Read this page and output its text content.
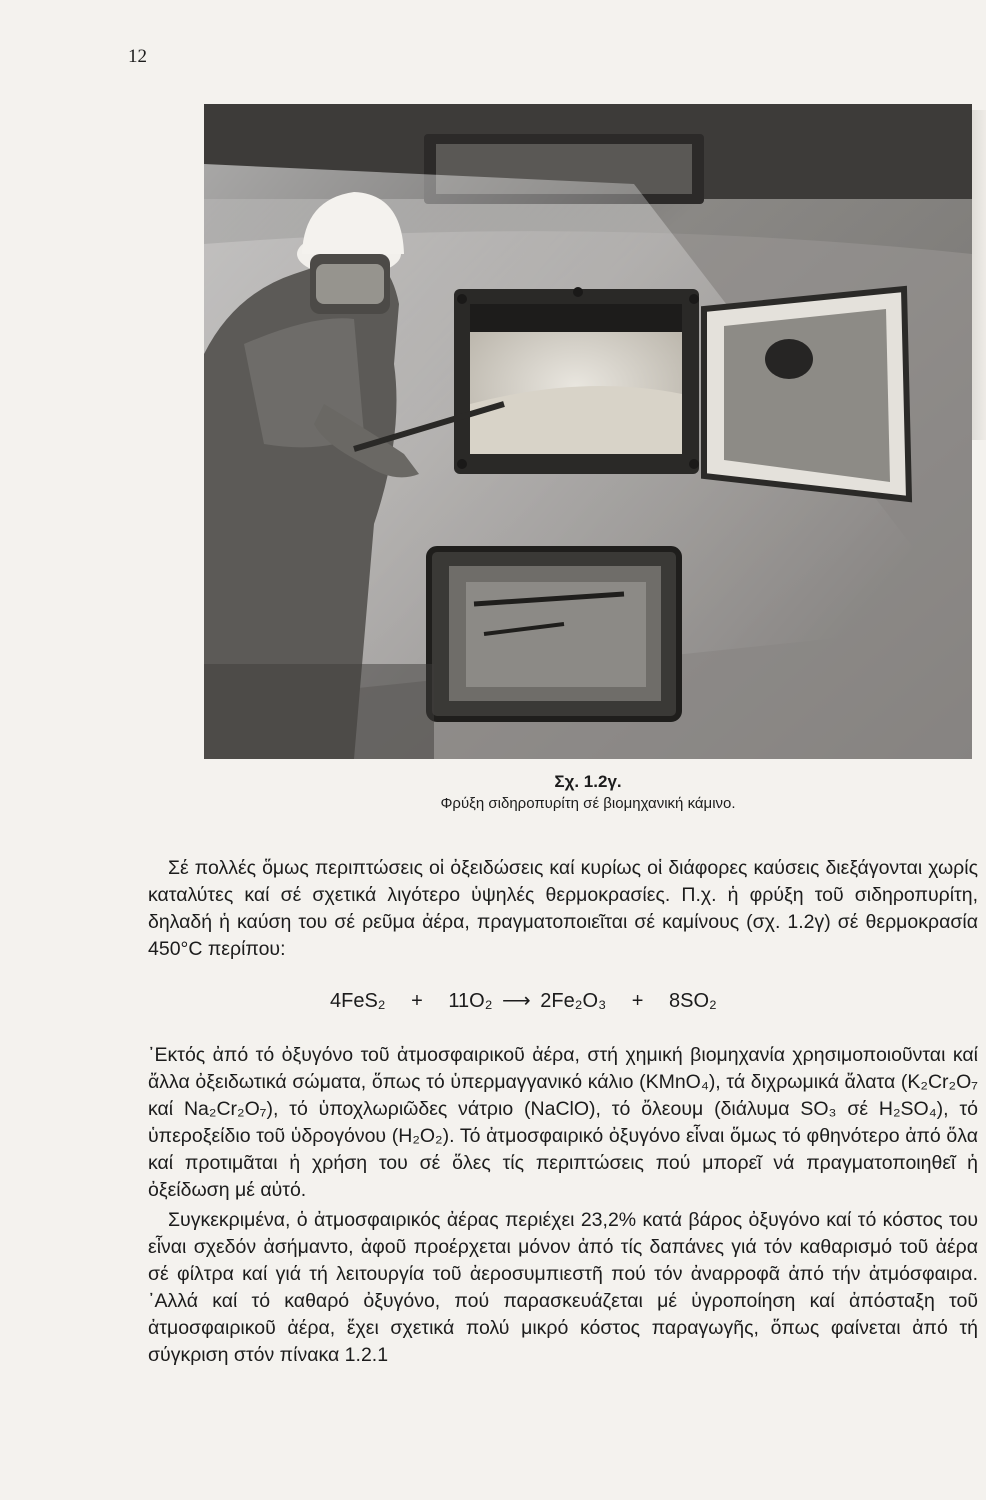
12
Σχ. 1.2γ.
Φρύξη σιδηροπυρίτη σέ βιομηχανική κάμινο.
Σέ πολλές ὅμως περιπτώσεις οἱ ὀξειδώσεις καί κυρίως οἱ διάφορες καύσεις διεξάγονται χωρίς καταλύτες καί σέ σχετικά λιγότερο ὑψηλές θερμοκρασίες. Π.χ. ἡ φρύξη τοῦ σιδηροπυρίτη, δηλαδή ἡ καύση του σέ ρεῦμα ἀέρα, πραγματοποιεῖται σέ καμίνους (σχ. 1.2γ) σέ θερμοκρασία 450°C περίπου:
4FeS₂ + 11O₂ ⟶ 2Fe₂O₃ + 8SO₂
᾿Εκτός ἀπό τό ὀξυγόνο τοῦ ἀτμοσφαιρικοῦ ἀέρα, στή χημική βιομηχανία χρησιμοποιοῦνται καί ἄλλα ὀξειδωτικά σώματα, ὅπως τό ὑπερμαγγανικό κάλιο (KMnO₄), τά διχρωμικά ἄλατα (K₂Cr₂O₇ καί Na₂Cr₂O₇), τό ὑποχλωριῶδες νάτριο (NaClO), τό ὄλεουμ (διάλυμα SO₃ σέ H₂SO₄), τό ὑπεροξείδιο τοῦ ὑδρογόνου (H₂O₂). Τό ἀτμοσφαιρικό ὀξυγόνο εἶναι ὅμως τό φθηνότερο ἀπό ὅλα καί προτιμᾶται ἡ χρήση του σέ ὅλες τίς περιπτώσεις πού μπορεῖ νά πραγματοποιηθεῖ ἡ ὀξείδωση μέ αὐτό.
Συγκεκριμένα, ὁ ἀτμοσφαιρικός ἀέρας περιέχει 23,2% κατά βάρος ὀξυγόνο καί τό κόστος του εἶναι σχεδόν ἀσήμαντο, ἀφοῦ προέρχεται μόνον ἀπό τίς δαπάνες γιά τόν καθαρισμό τοῦ ἀέρα σέ φίλτρα καί γιά τή λειτουργία τοῦ ἀεροσυμπιεστῆ πού τόν ἀναρροφᾶ ἀπό τήν ἀτμόσφαιρα. ᾿Αλλά καί τό καθαρό ὀξυγόνο, πού παρασκευάζεται μέ ὑγροποίηση καί ἀπόσταξη τοῦ ἀτμοσφαιρικοῦ ἀέρα, ἔχει σχετικά πολύ μικρό κόστος παραγωγῆς, ὅπως φαίνεται ἀπό τή σύγκριση στόν πίνακα 1.2.1
